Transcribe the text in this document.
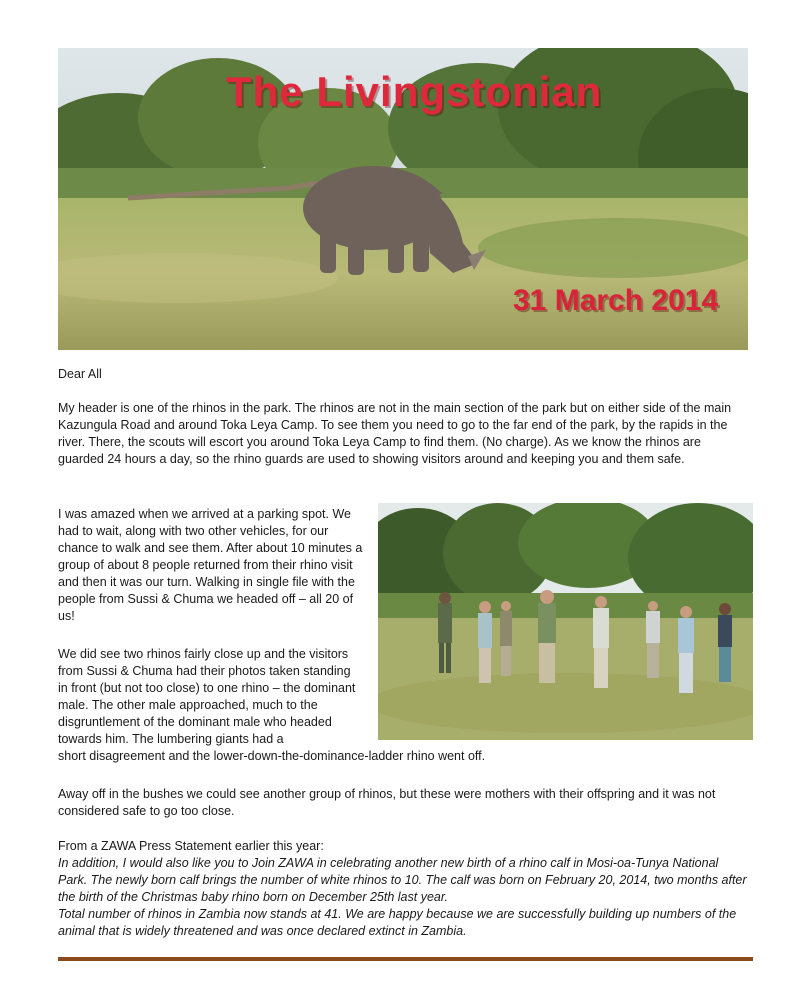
The Livingstonian
31 March 2014

Dear All

My header is one of the rhinos in the park. The rhinos are not in the main section of the park but on either side of the main Kazungula Road and around Toka Leya Camp. To see them you need to go to the far end of the park, by the rapids in the river. There, the scouts will escort you around Toka Leya Camp to find them. (No charge). As we know the rhinos are guarded 24 hours a day, so the rhino guards are used to showing visitors around and keeping you and them safe.

I was amazed when we arrived at a parking spot. We had to wait, along with two other vehicles, for our chance to walk and see them. After about 10 minutes a group of about 8 people returned from their rhino visit and then it was our turn. Walking in single file with the people from Sussi & Chuma we headed off – all 20 of us!

We did see two rhinos fairly close up and the visitors from Sussi & Chuma had their photos taken standing in front (but not too close) to one rhino – the dominant male. The other male approached, much to the disgruntlement of the dominant male who headed towards him. The lumbering giants had a

short disagreement and the lower-down-the-dominance-ladder rhino went off.

Away off in the bushes we could see another group of rhinos, but these were mothers with their offspring and it was not considered safe to go too close.

From a ZAWA Press Statement earlier this year:
In addition, I would also like you to Join ZAWA in celebrating another new birth of a rhino calf in Mosi-oa-Tunya National Park. The newly born calf brings the number of white rhinos to 10. The calf was born on February 20, 2014, two months after the birth of the Christmas baby rhino born on December 25th last year.
Total number of rhinos in Zambia now stands at 41. We are happy because we are successfully building up numbers of the animal that is widely threatened and was once declared extinct in Zambia.
